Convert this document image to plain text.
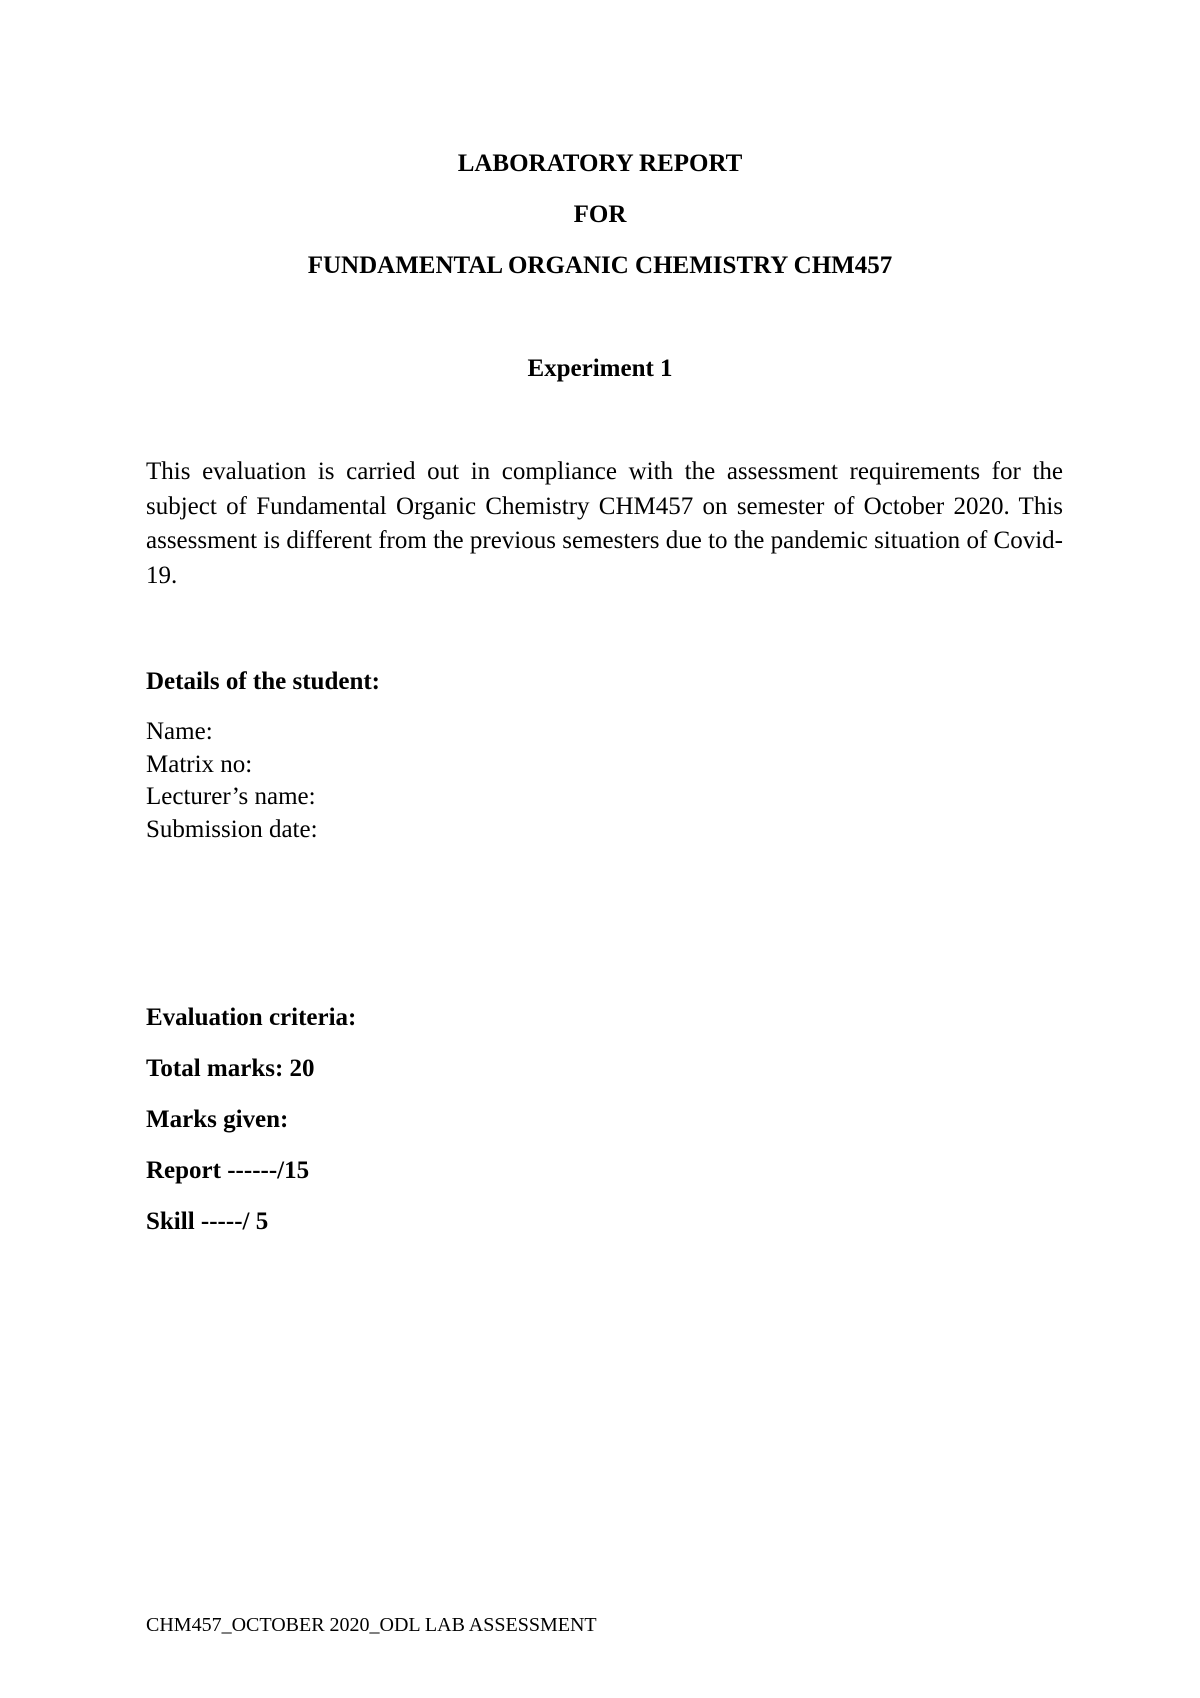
LABORATORY REPORT
FOR
FUNDAMENTAL ORGANIC CHEMISTRY CHM457
Experiment 1
This evaluation is carried out in compliance with the assessment requirements for the subject of Fundamental Organic Chemistry CHM457 on semester of October 2020. This assessment is different from the previous semesters due to the pandemic situation of Covid-19.
Details of the student:
Name:
Matrix no:
Lecturer’s name:
Submission date:
Evaluation criteria:
Total marks: 20
Marks given:
Report ------/15
Skill -----/ 5
CHM457_OCTOBER 2020_ODL LAB ASSESSMENT
